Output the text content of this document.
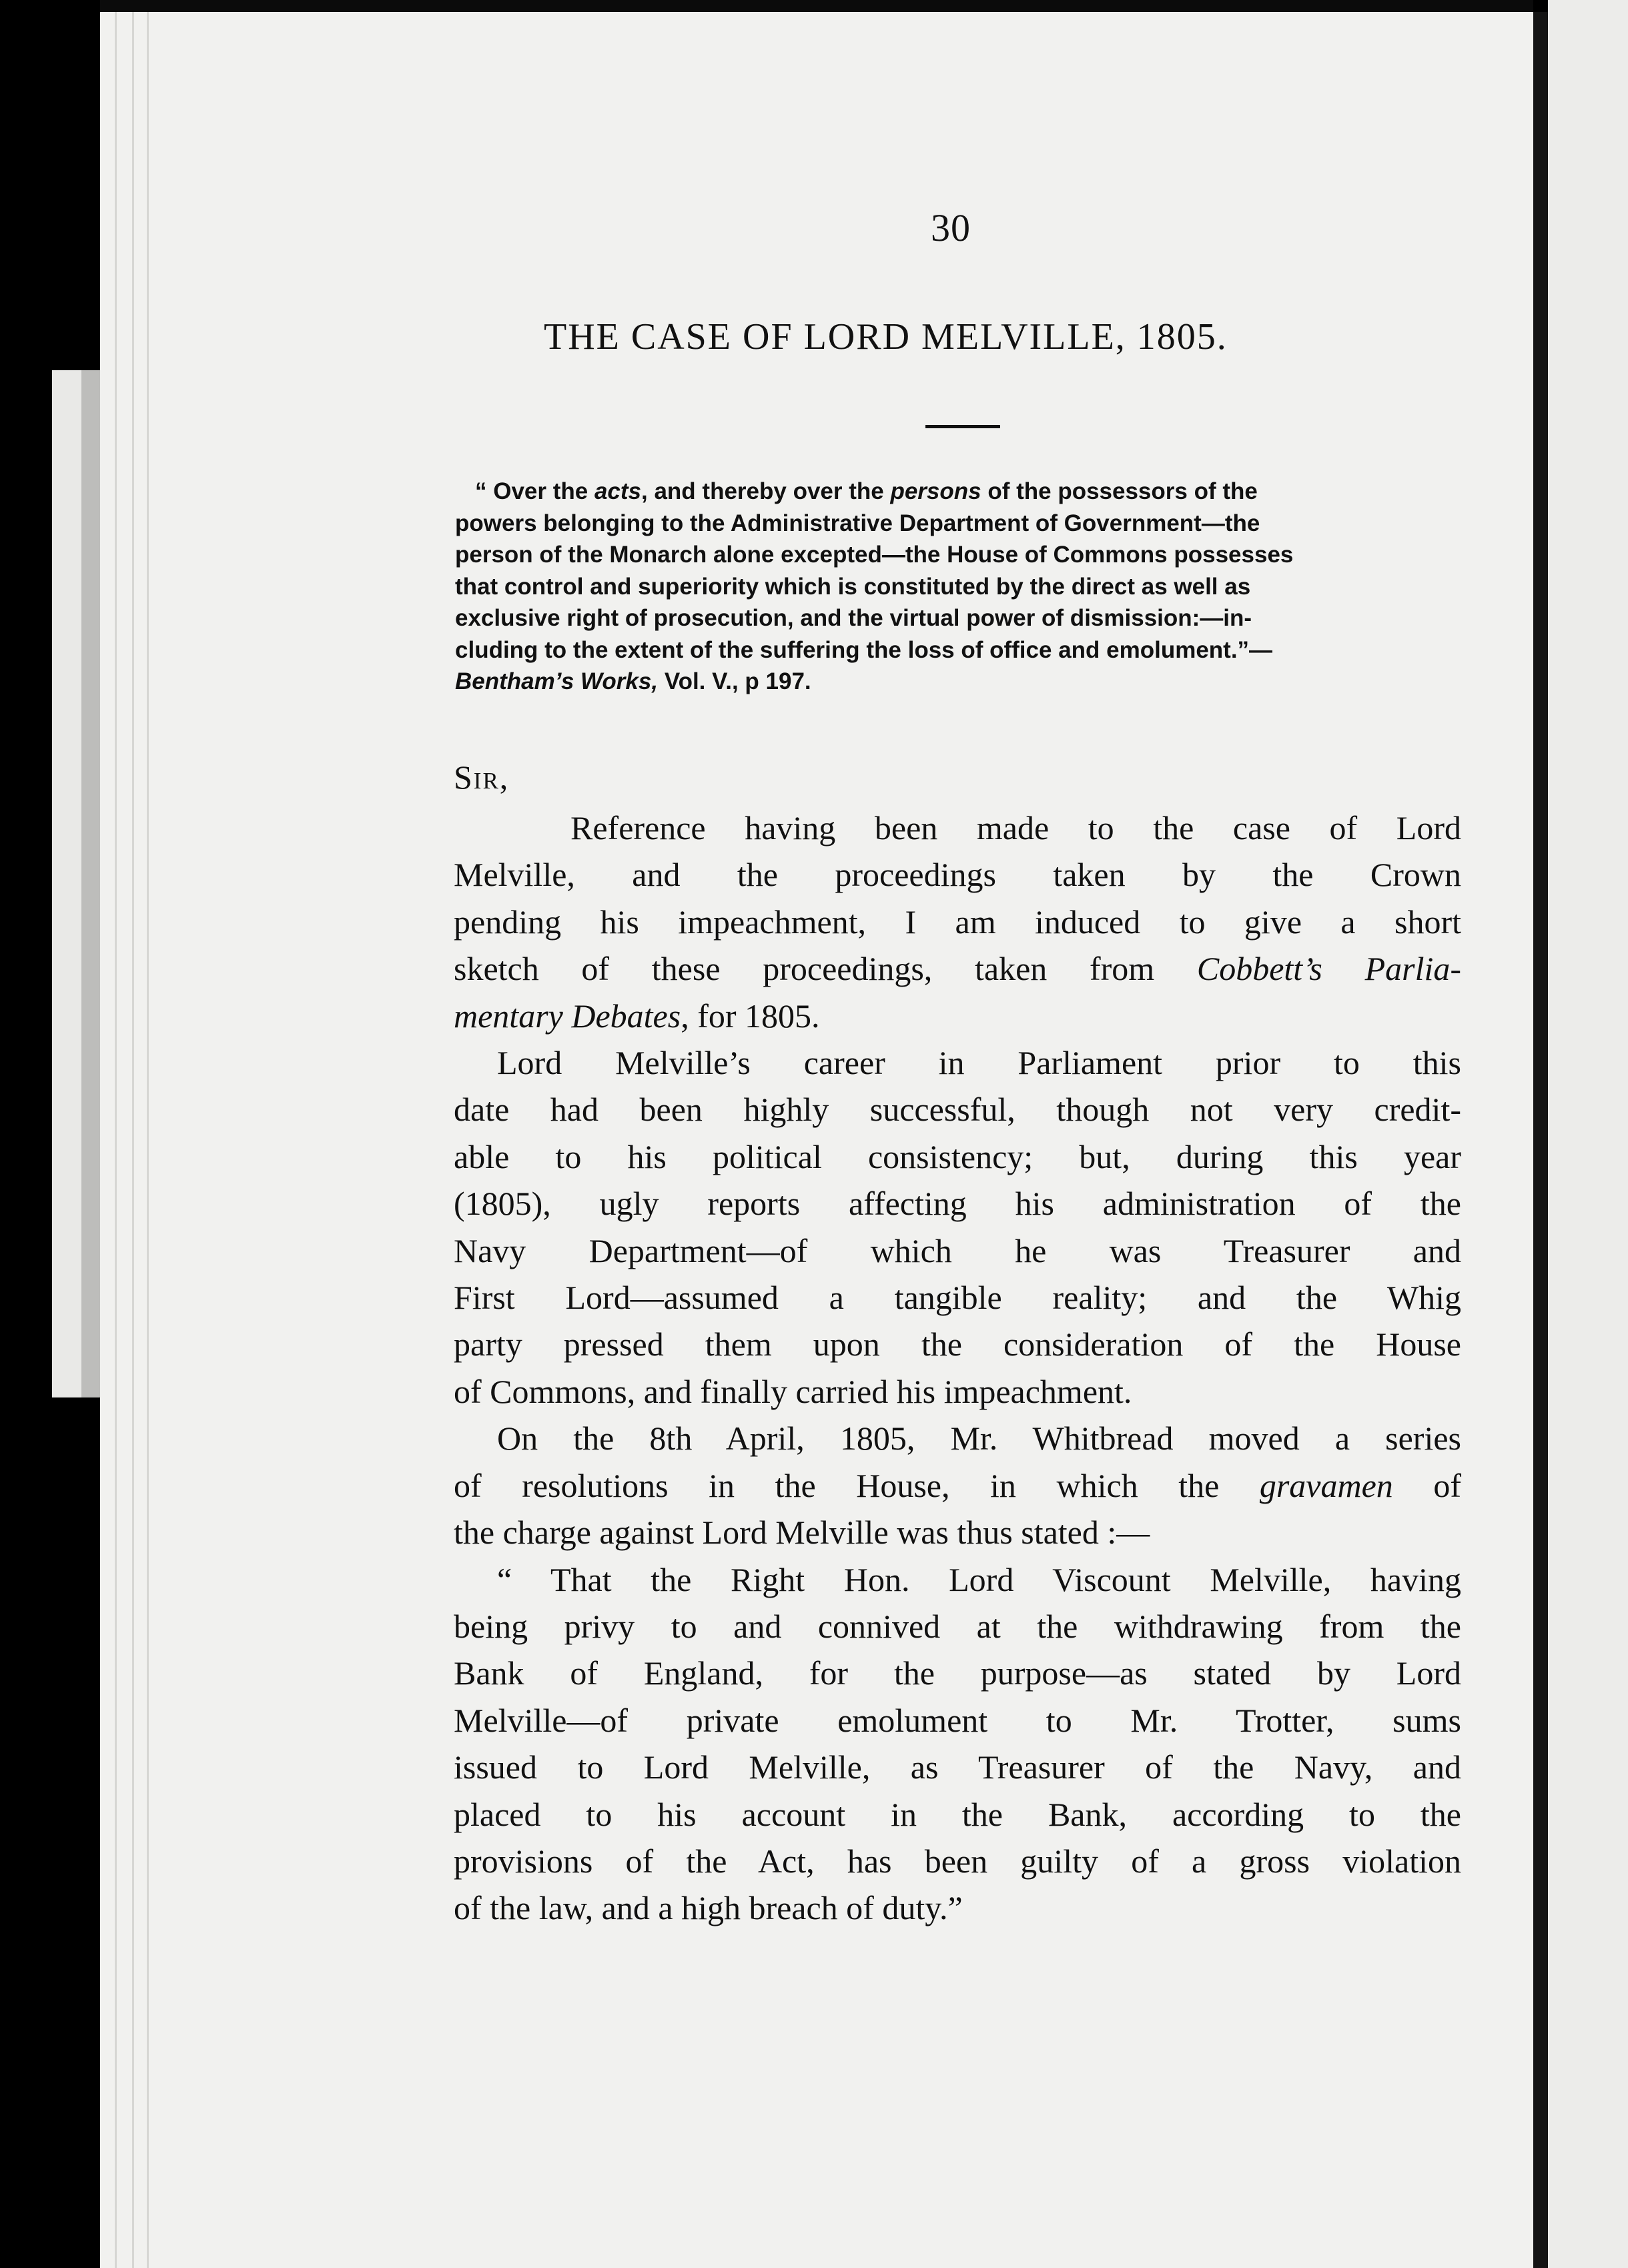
30
THE CASE OF LORD MELVILLE, 1805.

“ Over the acts, and thereby over the persons of the possessors of the

powers belonging to the Administrative Department of Government—the

person of the Monarch alone excepted—the House of Commons possesses

that control and superiority which is constituted by the direct as well as

exclusive right of prosecution, and the virtual power of dismission:—in-

cluding to the extent of the suffering the loss of office and emolument.”—

Bentham’s Works, Vol. V., p 197.

Sir,

Reference having been made to the case of Lord

Melville, and the proceedings taken by the Crown

pending his impeachment, I am induced to give a short

sketch of these proceedings, taken from Cobbett’s Parlia-

mentary Debates, for 1805.

Lord Melville’s career in Parliament prior to this

date had been highly successful, though not very credit-

able to his political consistency; but, during this year

(1805), ugly reports affecting his administration of the

Navy Department—of which he was Treasurer and

First Lord—assumed a tangible reality; and the Whig

party pressed them upon the consideration of the House

of Commons, and finally carried his impeachment.

On the 8th April, 1805, Mr. Whitbread moved a series

of resolutions in the House, in which the gravamen of

the charge against Lord Melville was thus stated :—

“ That the Right Hon. Lord Viscount Melville, having

being privy to and connived at the withdrawing from the

Bank of England, for the purpose—as stated by Lord

Melville—of private emolument to Mr. Trotter, sums

issued to Lord Melville, as Treasurer of the Navy, and

placed to his account in the Bank, according to the

provisions of the Act, has been guilty of a gross violation

of the law, and a high breach of duty.”
